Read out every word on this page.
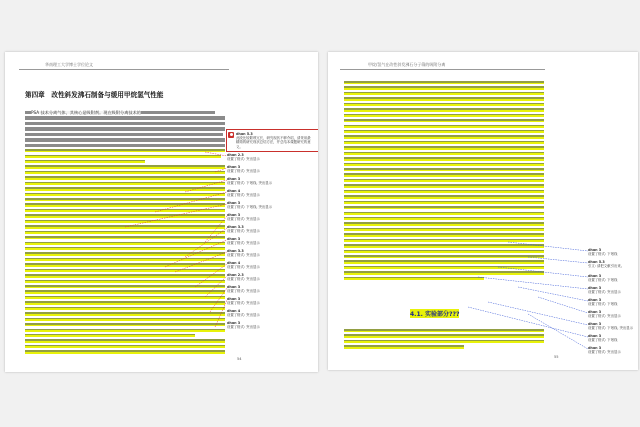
华南理工大学博士学位论文
第四章　改性斜发沸石制备与缓用甲烷氢气性能
PSA 技术分离气体，其核心是吸附剂。现在吸附分离技术的
54
dhan 5.3
此段比较繁琐冗长，研究现状不够介绍，请采用最
精简的研究现状总结方法，并总结本课题研究的意义。
dhan 2.3
设置了格式: 突出显示
dhan 3
设置了格式: 突出显示
dhan 3
设置了格式: 下划线, 突出显示
dhan 4
设置了格式: 突出显示
dhan 3
设置了格式: 下划线, 突出显示
dhan 3
设置了格式: 突出显示
dhan 3.3
设置了格式: 突出显示
dhan 3
设置了格式: 突出显示
dhan 3.3
设置了格式: 突出显示
dhan 4
设置了格式: 突出显示
dhan 2.3
设置了格式: 突出显示
dhan 3
设置了格式: 突出显示
dhan 3
设置了格式: 突出显示
dhan 4
设置了格式: 突出显示
dhan 3
设置了格式: 突出显示
甲烷/氢气在改性斜发沸石分子筛的吸附分离
4.1. 实验部分???
55
dhan 3
设置了格式: 下划线
dhan 5.3
引文: 请把文献引出来。
dhan 3
设置了格式: 下划线
dhan 3
设置了格式: 突出显示
dhan 3
设置了格式: 下划线
dhan 3
设置了格式: 突出显示
dhan 3
设置了格式: 下划线, 突出显示
dhan 3
设置了格式: 下划线
dhan 3
设置了格式: 突出显示
